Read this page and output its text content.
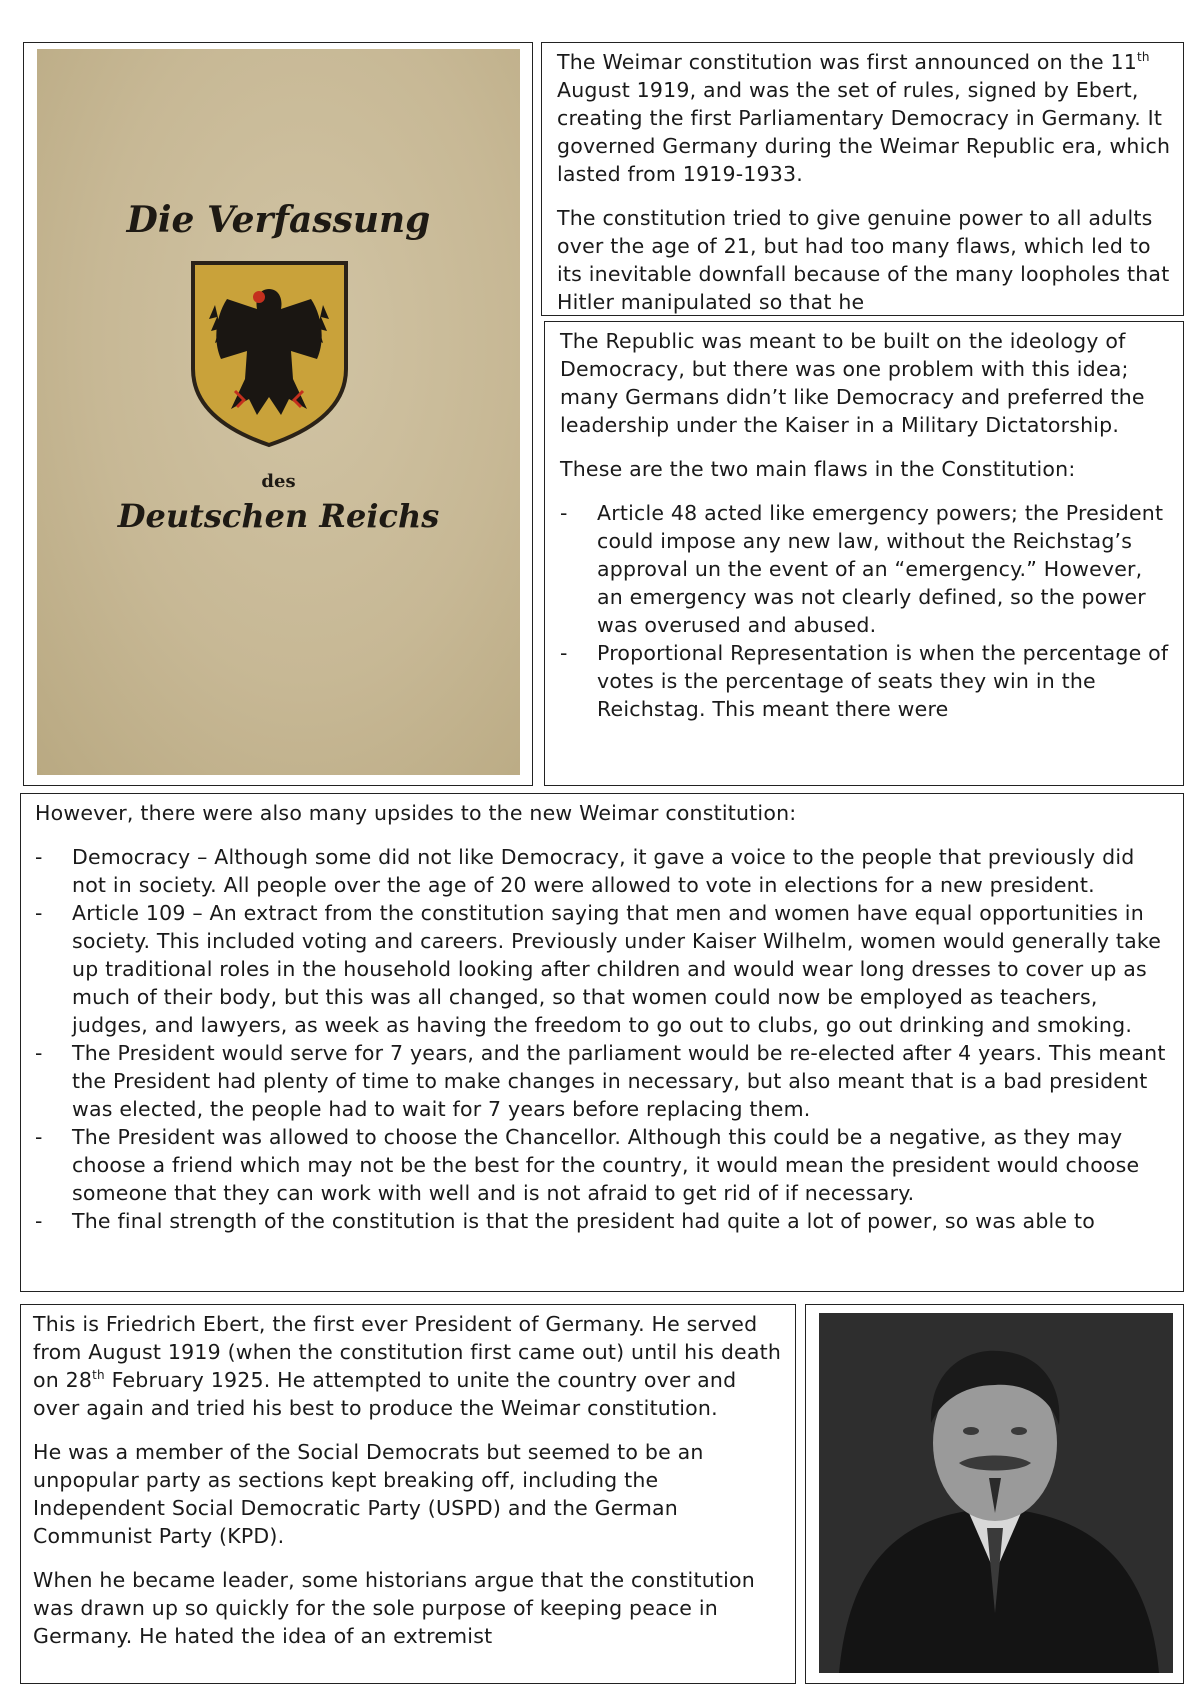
Die Verfassung
des
Deutschen Reichs

The Weimar constitution was first announced on the 11th August 1919, and was the set of rules, signed by Ebert, creating the first Parliamentary Democracy in Germany. It governed Germany during the Weimar Republic era, which lasted from 1919-1933.

The constitution tried to give genuine power to all adults over the age of 21, but had too many flaws, which led to its inevitable downfall because of the many loopholes that Hitler manipulated so that he

The Republic was meant to be built on the ideology of Democracy, but there was one problem with this idea; many Germans didn’t like Democracy and preferred the leadership under the Kaiser in a Military Dictatorship.

These are the two main flaws in the Constitution:

- Article 48 acted like emergency powers; the President could impose any new law, without the Reichstag’s approval un the event of an “emergency.” However, an emergency was not clearly defined, so the power was overused and abused.
- Proportional Representation is when the percentage of votes is the percentage of seats they win in the Reichstag. This meant there were

However, there were also many upsides to the new Weimar constitution:

- Democracy – Although some did not like Democracy, it gave a voice to the people that previously did not in society. All people over the age of 20 were allowed to vote in elections for a new president.
- Article 109 – An extract from the constitution saying that men and women have equal opportunities in society. This included voting and careers. Previously under Kaiser Wilhelm, women would generally take up traditional roles in the household looking after children and would wear long dresses to cover up as much of their body, but this was all changed, so that women could now be employed as teachers, judges, and lawyers, as week as having the freedom to go out to clubs, go out drinking and smoking.
- The President would serve for 7 years, and the parliament would be re-elected after 4 years. This meant the President had plenty of time to make changes in necessary, but also meant that is a bad president was elected, the people had to wait for 7 years before replacing them.
- The President was allowed to choose the Chancellor. Although this could be a negative, as they may choose a friend which may not be the best for the country, it would mean the president would choose someone that they can work with well and is not afraid to get rid of if necessary.
- The final strength of the constitution is that the president had quite a lot of power, so was able to

This is Friedrich Ebert, the first ever President of Germany. He served from August 1919 (when the constitution first came out) until his death on 28th February 1925. He attempted to unite the country over and over again and tried his best to produce the Weimar constitution.

He was a member of the Social Democrats but seemed to be an unpopular party as sections kept breaking off, including the Independent Social Democratic Party (USPD) and the German Communist Party (KPD).

When he became leader, some historians argue that the constitution was drawn up so quickly for the sole purpose of keeping peace in Germany. He hated the idea of an extremist
